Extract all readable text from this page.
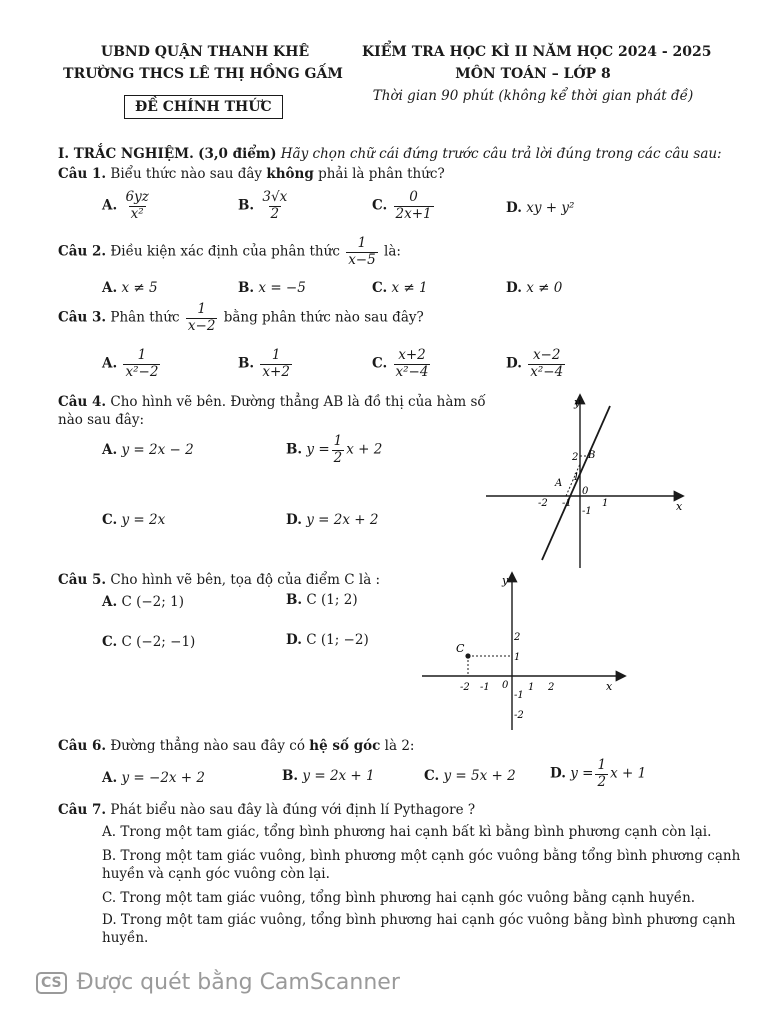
UBND QUẬN THANH KHÊ
TRƯỜNG THCS LÊ THỊ HỒNG GẤM
ĐỀ CHÍNH THỨC
KIỂM TRA HỌC KÌ II NĂM HỌC 2024 - 2025
MÔN TOÁN – LỚP 8
Thời gian 90 phút (không kể thời gian phát đề)
I. TRẮC NGHIỆM. (3,0 điểm) Hãy chọn chữ cái đứng trước câu trả lời đúng trong các câu sau:
Câu 1. Biểu thức nào sau đây không phải là phân thức?
A. $\frac{6yz}{\text{x²}}$	B. $\frac{3√x}{2}$	C. $\frac{0}{2x+1}$	D. xy + y²
Câu 2. Điều kiện xác định của phân thức $\frac{1}{x-5}$ là:
A. x ≠ 5	B. x = −5	C. x ≠ 1	D. x ≠ 0
Câu 3. Phân thức $\frac{1}{x-2}$ bằng phân thức nào sau đây?
A. $\frac{1}{\text{x²−2}}$	B. $\frac{1}{x+2}$	C. $\frac{x+2}{\text{x²−4}}$	D. $\frac{x-2}{\text{x²−4}}$
Câu 4. Cho hình vẽ bên. Đường thẳng AB là đồ thị của hàm số
nào sau đây:
A. y = 2x − 2	B. $y = \frac{1}{2}$ x + 2
C. y = 2x	D. y = 2x + 2
y
x
0
A
B
-2 -1	1
2
1
-1
Câu 5. Cho hình vẽ bên, tọa độ của điểm C là :
A. C (−2; 1)	B. C (1; 2)
C. C (−2; −1)	D. C (1; −2)
C
y
x
0
-2 -1	1 2
2
1
-1
-2
Câu 6. Đường thẳng nào sau đây có hệ số góc là 2:
A. y = −2x + 2	B. y = 2x + 1	C. y = 5x + 2	D. $y = \frac{1}{2}$ x + 1
Câu 7. Phát biểu nào sau đây là đúng với định lí Pythagore ?
A. Trong một tam giác, tổng bình phương hai cạnh bất kì bằng bình phương cạnh còn lại.
B. Trong một tam giác vuông, bình phương một cạnh góc vuông bằng tổng bình phương cạnh
huyền và cạnh góc vuông còn lại.
C. Trong một tam giác vuông, tổng bình phương hai cạnh góc vuông bằng cạnh huyền.
D. Trong một tam giác vuông, tổng bình phương hai cạnh góc vuông bằng bình phương cạnh
huyền.
CS Được quét bằng CamScanner
